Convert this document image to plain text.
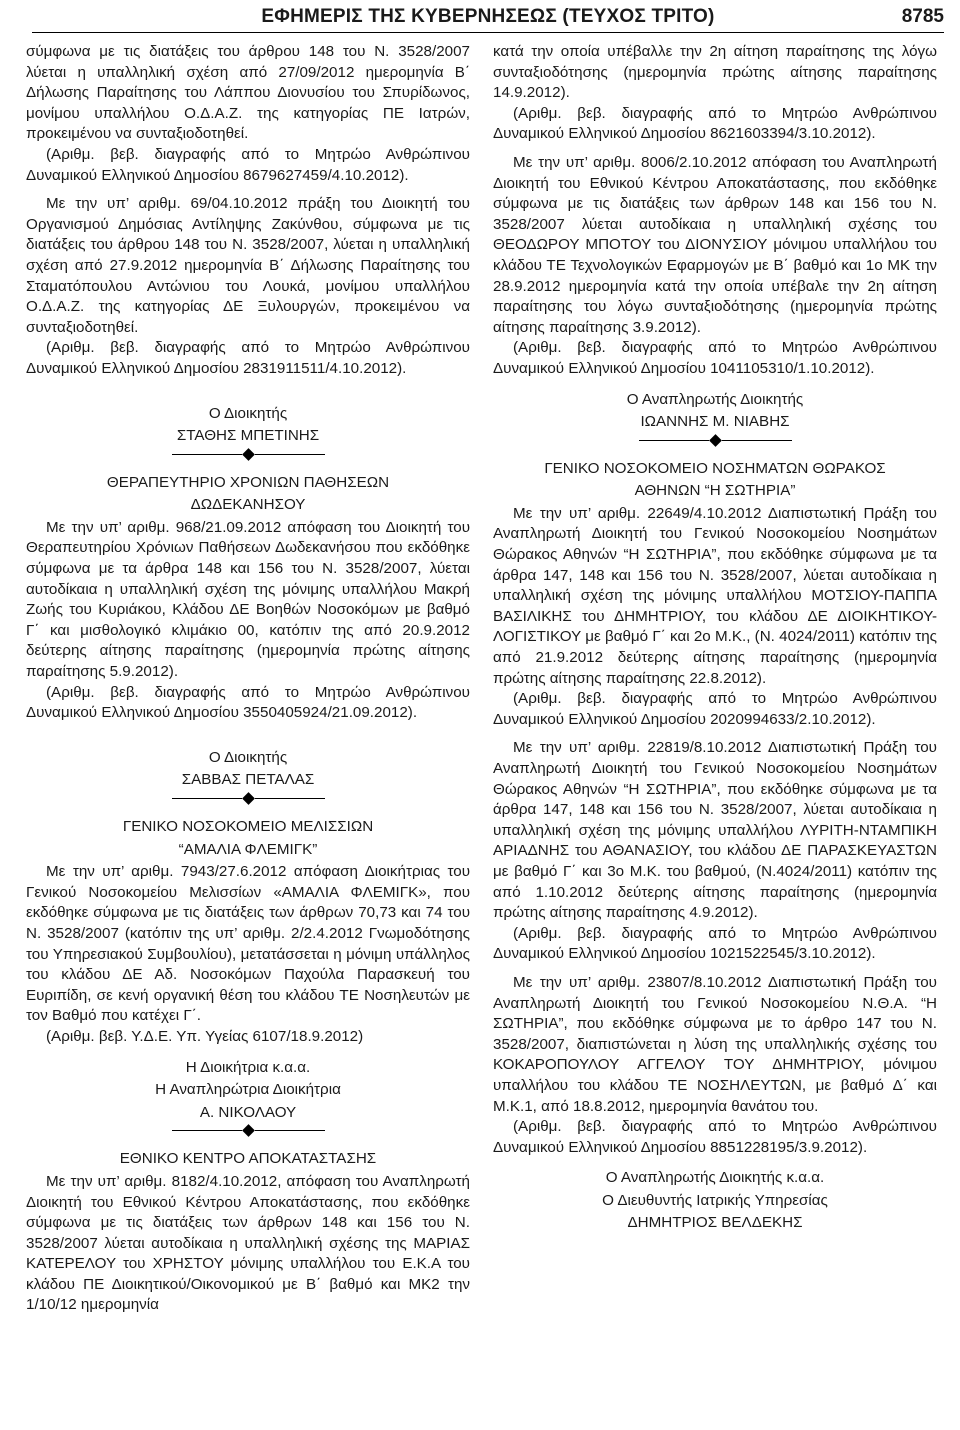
ΕΦΗΜΕΡΙΣ ΤΗΣ ΚΥΒΕΡΝΗΣΕΩΣ (ΤΕΥΧΟΣ ΤΡΙΤΟ)	8785

σύμφωνα με τις διατάξεις του άρθρου 148 του Ν. 3528/2007 λύεται η υπαλληλική σχέση από 27/09/2012 ημερομηνία Β΄ Δήλωσης Παραίτησης του Λάππου Διονυσίου του Σπυρίδωνος, μονίμου υπαλλήλου Ο.Δ.Α.Ζ. της κατηγορίας ΠΕ Ιατρών, προκειμένου να συνταξιοδοτηθεί.

(Αριθμ. βεβ. διαγραφής από το Μητρώο Ανθρώπινου Δυναμικού Ελληνικού Δημοσίου 8679627459/4.10.2012).

Με την υπ’ αριθμ. 69/04.10.2012 πράξη του Διοικητή του Οργανισμού Δημόσιας Αντίληψης Ζακύνθου, σύμφωνα με τις διατάξεις του άρθρου 148 του Ν. 3528/2007, λύεται η υπαλληλική σχέση από 27.9.2012 ημερομηνία Β΄ Δήλωσης Παραίτησης του Σταματόπουλου Αντώνιου του Λουκά, μονίμου υπαλλήλου Ο.Δ.Α.Ζ. της κατηγορίας ΔΕ Ξυλουργών, προκειμένου να συνταξιοδοτηθεί.

(Αριθμ. βεβ. διαγραφής από το Μητρώο Ανθρώπινου Δυναμικού Ελληνικού Δημοσίου 2831911511/4.10.2012).

Ο Διοικητής

ΣΤΑΘΗΣ ΜΠΕΤΙΝΗΣ

ΘΕΡΑΠΕΥΤΗΡΙΟ ΧΡΟΝΙΩΝ ΠΑΘΗΣΕΩΝ

ΔΩΔΕΚΑΝΗΣΟΥ

Με την υπ’ αριθμ. 968/21.09.2012 απόφαση του Διοικητή του Θεραπευτηρίου Χρόνιων Παθήσεων Δωδεκανήσου που εκδόθηκε σύμφωνα με τα άρθρα 148 και 156 του Ν. 3528/2007, λύεται αυτοδίκαια η υπαλληλική σχέση της μόνιμης υπαλλήλου Μακρή Ζωής του Κυριάκου, Κλάδου ΔΕ Βοηθών Νοσοκόμων με βαθμό Γ΄ και μισθολογικό κλιμάκιο 00, κατόπιν της από 20.9.2012 δεύτερης αίτησης παραίτησης (ημερομηνία πρώτης αίτησης παραίτησης 5.9.2012).

(Αριθμ. βεβ. διαγραφής από το Μητρώο Ανθρώπινου Δυναμικού Ελληνικού Δημοσίου 3550405924/21.09.2012).

Ο Διοικητής

ΣΑΒΒΑΣ ΠΕΤΑΛΑΣ

ΓΕΝΙΚΟ ΝΟΣΟΚΟΜΕΙΟ ΜΕΛΙΣΣΙΩΝ

“ΑΜΑΛΙΑ ΦΛΕΜΙΓΚ”

Με την υπ’ αριθμ. 7943/27.6.2012 απόφαση Διοικήτριας του Γενικού Νοσοκομείου Μελισσίων «ΑΜΑΛΙΑ ΦΛΕΜΙΓΚ», που εκδόθηκε σύμφωνα με τις διατάξεις των άρθρων 70,73 και 74 του Ν. 3528/2007 (κατόπιν της υπ’ αριθμ. 2/2.4.2012 Γνωμοδότησης του Υπηρεσιακού Συμβουλίου), μετατάσσεται η μόνιμη υπάλληλος του κλάδου ΔΕ Αδ. Νοσοκόμων Παχούλα Παρασκευή του Ευριπίδη, σε κενή οργανική θέση του κλάδου ΤΕ Νοσηλευτών με τον Βαθμό που κατέχει Γ΄.

(Αριθμ. βεβ. Υ.Δ.Ε. Υπ. Υγείας 6107/18.9.2012)

Η Διοικήτρια κ.α.α.

Η Αναπληρώτρια Διοικήτρια

Α. ΝΙΚΟΛΑΟΥ

ΕΘΝΙΚΟ ΚΕΝΤΡΟ ΑΠΟΚΑΤΑΣΤΑΣΗΣ

Με την υπ’ αριθμ. 8182/4.10.2012, απόφαση του Αναπληρωτή Διοικητή του Εθνικού Κέντρου Αποκατάστασης, που εκδόθηκε σύμφωνα με τις διατάξεις των άρθρων 148 και 156 του Ν. 3528/2007 λύεται αυτοδίκαια η υπαλληλική σχέσης της ΜΑΡΙΑΣ ΚΑΤΕΡΕΛΟΥ του ΧΡΗΣΤΟΥ μόνιμης υπαλλήλου του Ε.Κ.Α του κλάδου ΠΕ Διοικητικού/Οικονομικού με Β΄ βαθμό και ΜΚ2 την 1/10/12 ημερομηνία

κατά την οποία υπέβαλλε την 2η αίτηση παραίτησης της λόγω συνταξιοδότησης (ημερομηνία πρώτης αίτησης παραίτησης 14.9.2012).

(Αριθμ. βεβ. διαγραφής από το Μητρώο Ανθρώπινου Δυναμικού Ελληνικού Δημοσίου 8621603394/3.10.2012).

Με την υπ’ αριθμ. 8006/2.10.2012 απόφαση του Αναπληρωτή Διοικητή του Εθνικού Κέντρου Αποκατάστασης, που εκδόθηκε σύμφωνα με τις διατάξεις των άρθρων 148 και 156 του Ν. 3528/2007 λύεται αυτοδίκαια η υπαλληλική σχέσης του ΘΕΟΔΩΡΟΥ ΜΠΟΤΟΥ του ΔΙΟΝΥΣΙΟΥ μόνιμου υπαλλήλου του κλάδου ΤΕ Τεχνολογικών Εφαρμογών με Β΄ βαθμό και 1ο ΜΚ την 28.9.2012 ημερομηνία κατά την οποία υπέβαλε την 2η αίτηση παραίτησης του λόγω συνταξιοδότησης (ημερομηνία πρώτης αίτησης παραίτησης 3.9.2012).

(Αριθμ. βεβ. διαγραφής από το Μητρώο Ανθρώπινου Δυναμικού Ελληνικού Δημοσίου 1041105310/1.10.2012).

Ο Αναπληρωτής Διοικητής

ΙΩΑΝΝΗΣ Μ. ΝΙΑΒΗΣ

ΓΕΝΙΚΟ ΝΟΣΟΚΟΜΕΙΟ ΝΟΣΗΜΑΤΩΝ ΘΩΡΑΚΟΣ

ΑΘΗΝΩΝ “Η ΣΩΤΗΡΙΑ”

Με την υπ’ αριθμ. 22649/4.10.2012 Διαπιστωτική Πράξη του Αναπληρωτή Διοικητή του Γενικού Νοσοκομείου Νοσημάτων Θώρακος Αθηνών “Η ΣΩΤΗΡΙΑ”, που εκδόθηκε σύμφωνα με τα άρθρα 147, 148 και 156 του Ν. 3528/2007, λύεται αυτοδίκαια η υπαλληλική σχέση της μόνιμης υπαλλήλου ΜΟΤΣΙΟΥ-ΠΑΠΠΑ ΒΑΣΙΛΙΚΗΣ του ΔΗΜΗΤΡΙΟΥ, του κλάδου ΔΕ ΔΙΟΙΚΗΤΙΚΟΥ-ΛΟΓΙΣΤΙΚΟΥ με βαθμό Γ΄ και 2ο Μ.Κ., (Ν. 4024/2011) κατόπιν της από 21.9.2012 δεύτερης αίτησης παραίτησης (ημερομηνία πρώτης αίτησης παραίτησης 22.8.2012).

(Αριθμ. βεβ. διαγραφής από το Μητρώο Ανθρώπινου Δυναμικού Ελληνικού Δημοσίου 2020994633/2.10.2012).

Με την υπ’ αριθμ. 22819/8.10.2012 Διαπιστωτική Πράξη του Αναπληρωτή Διοικητή του Γενικού Νοσοκομείου Νοσημάτων Θώρακος Αθηνών “Η ΣΩΤΗΡΙΑ”, που εκδόθηκε σύμφωνα με τα άρθρα 147, 148 και 156 του Ν. 3528/2007, λύεται αυτοδίκαια η υπαλληλική σχέση της μόνιμης υπαλλήλου ΛΥΡΙΤΗ-ΝΤΑΜΠΙΚΗ ΑΡΙΑΔΝΗΣ του ΑΘΑΝΑΣΙΟΥ, του κλάδου ΔΕ ΠΑΡΑΣΚΕΥΑΣΤΩΝ με βαθμό Γ΄ και 3ο Μ.Κ. του βαθμού, (Ν.4024/2011) κατόπιν της από 1.10.2012 δεύτερης αίτησης παραίτησης (ημερομηνία πρώτης αίτησης παραίτησης 4.9.2012).

(Αριθμ. βεβ. διαγραφής από το Μητρώο Ανθρώπινου Δυναμικού Ελληνικού Δημοσίου 1021522545/3.10.2012).

Με την υπ’ αριθμ. 23807/8.10.2012 Διαπιστωτική Πράξη του Αναπληρωτή Διοικητή του Γενικού Νοσοκομείου Ν.Θ.Α. “Η ΣΩΤΗΡΙΑ”, που εκδόθηκε σύμφωνα με το άρθρο 147 του Ν. 3528/2007, διαπιστώνεται η λύση της υπαλληλικής σχέσης του ΚΟΚΑΡΟΠΟΥΛΟΥ ΑΓΓΕΛΟΥ ΤΟΥ ΔΗΜΗΤΡΙΟΥ, μόνιμου υπαλλήλου του κλάδου ΤΕ ΝΟΣΗΛΕΥΤΩΝ, με βαθμό Δ΄ και Μ.Κ.1, από 18.8.2012, ημερομηνία θανάτου του.

(Αριθμ. βεβ. διαγραφής από το Μητρώο Ανθρώπινου Δυναμικού Ελληνικού Δημοσίου 8851228195/3.9.2012).

Ο Αναπληρωτής Διοικητής κ.α.α.

Ο Διευθυντής Ιατρικής Υπηρεσίας

ΔΗΜΗΤΡΙΟΣ ΒΕΛΔΕΚΗΣ
